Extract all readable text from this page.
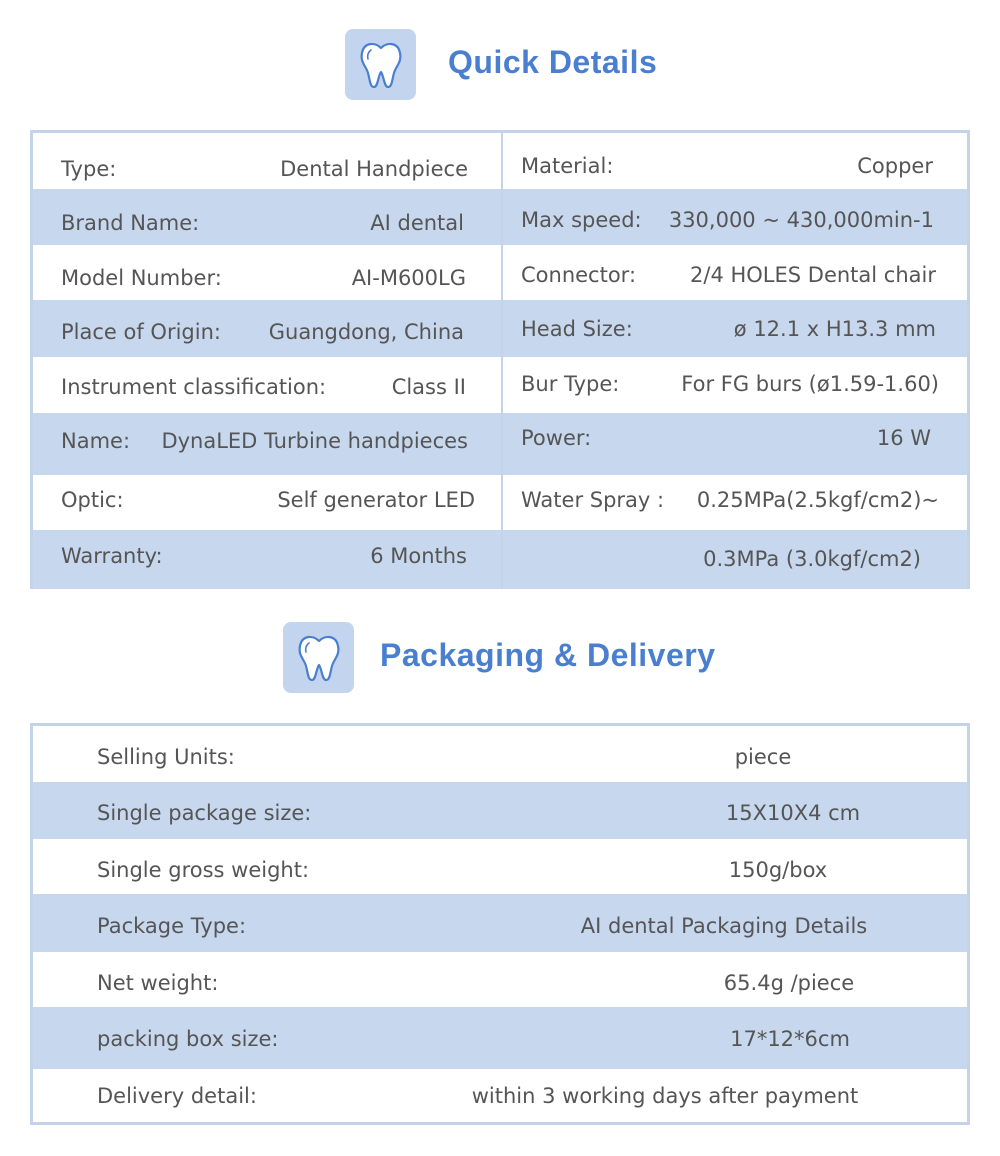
Quick Details
Type:	Dental Handpiece
Brand Name:	AI dental
Model Number:	AI-M600LG
Place of Origin: Guangdong, China
Instrument classification:	Class II
Name: DynaLED Turbine handpieces
Optic:	Self generator LED
Warranty:	6 Months
Material:	Copper
Max speed: 330,000 ~ 430,000min-1
Connector:	2/4 HOLES Dental chair
Head Size:	ø 12.1 x H13.3 mm
Bur Type:	For FG burs (ø1.59-1.60)
Power:	16 W
Water Spray : 0.25MPa(2.5kgf/cm2)~
0.3MPa (3.0kgf/cm2)
Packaging & Delivery
Selling Units:	piece
Single package size:	15X10X4 cm
Single gross weight:	150g/box
Package Type:	AI dental Packaging Details
Net weight:	65.4g /piece
packing box size:	17*12*6cm
Delivery detail:	within 3 working days after payment
